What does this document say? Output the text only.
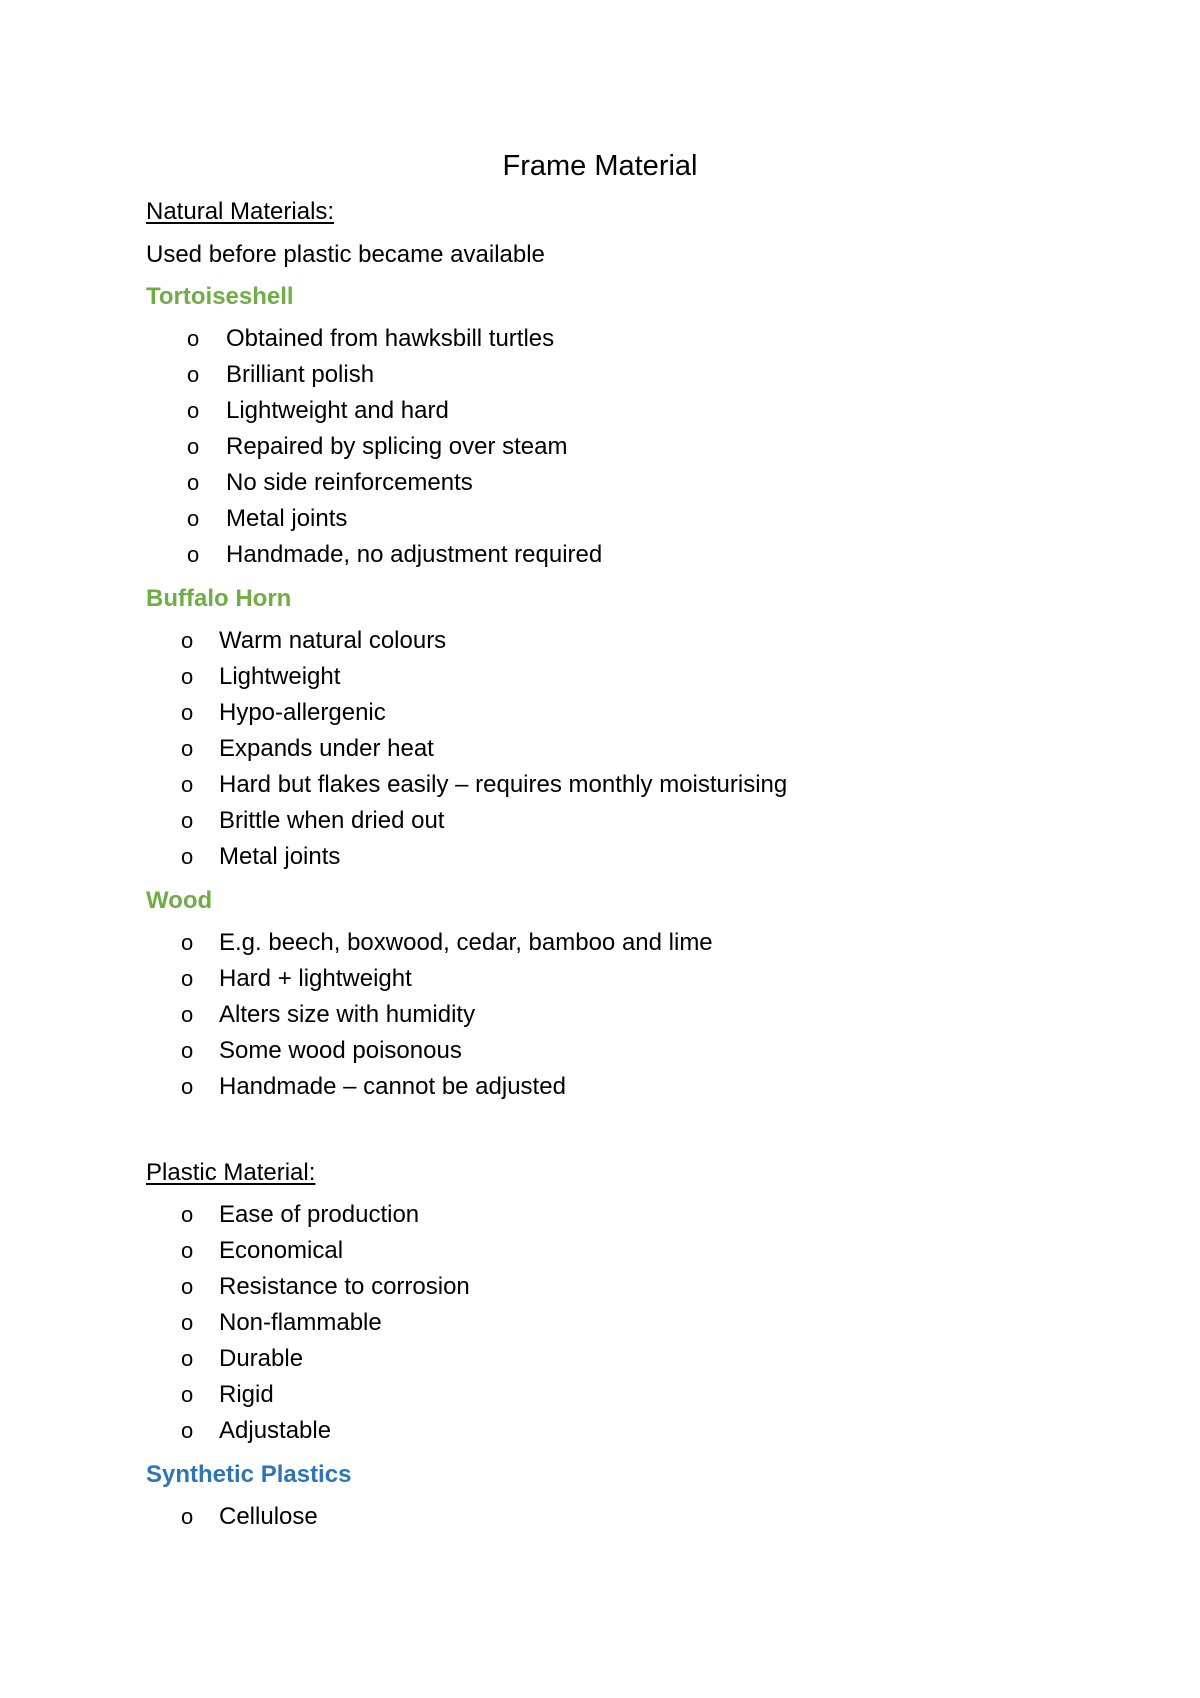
Frame Material
Natural Materials:
Used before plastic became available
Tortoiseshell
o Obtained from hawksbill turtles
o Brilliant polish
o Lightweight and hard
o Repaired by splicing over steam
o No side reinforcements
o Metal joints
o Handmade, no adjustment required
Buffalo Horn
o Warm natural colours
o Lightweight
o Hypo-allergenic
o Expands under heat
o Hard but flakes easily – requires monthly moisturising
o Brittle when dried out
o Metal joints
Wood
o E.g. beech, boxwood, cedar, bamboo and lime
o Hard + lightweight
o Alters size with humidity
o Some wood poisonous
o Handmade – cannot be adjusted
Plastic Material:
o Ease of production
o Economical
o Resistance to corrosion
o Non-flammable
o Durable
o Rigid
o Adjustable
Synthetic Plastics
o Cellulose
